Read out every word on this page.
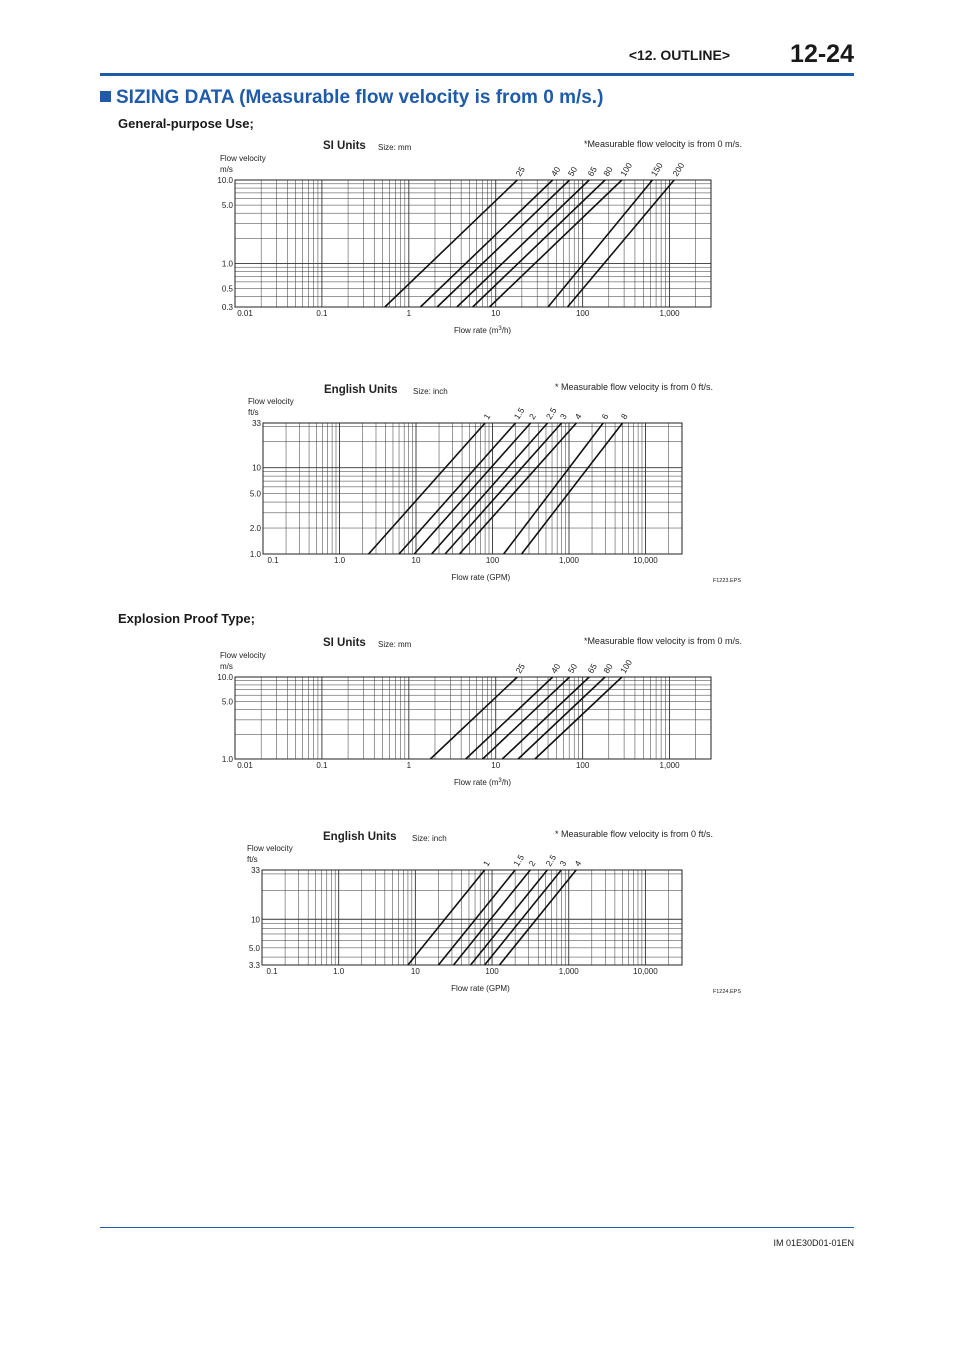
<12. OUTLINE> 12-24
SIZING DATA (Measurable flow velocity is from 0 m/s.)
General-purpose Use;
Explosion Proof Type;
25	40 50 65 80 100 150 200
0.01	0.1	1	10	100	1,000
0.3
0.5
1.0
5.0
10.0
Flow velocity
m/s
SI Units Size: mm	*Measurable flow velocity is from 0 m/s.
Flow rate $(m^3/h)$
1 1.5 2 2.5 3 4 6 8
0.1	1.0	10	100	1,000	10,000
1.0
2.0
5.0
10
33
Flow velocity
ft/s
English Units Size: inch	* Measurable flow velocity is from 0 ft/s.
Flow rate (GPM)	F1223.EPS
25	40 50 65 80 100
0.01	0.1	1	10	100	1,000
1.0
5.0
10.0
Flow velocity
m/s
SI Units Size: mm	*Measurable flow velocity is from 0 m/s.
Flow rate $(m^3/h)$
1 1.5 2 2.5 3 4
0.1	1.0	10	100	1,000	10,000
3.3
5.0
10
33
Flow velocity
ft/s
English Units Size: inch	* Measurable flow velocity is from 0 ft/s.
Flow rate (GPM)	F1224.EPS
IM 01E30D01-01EN
